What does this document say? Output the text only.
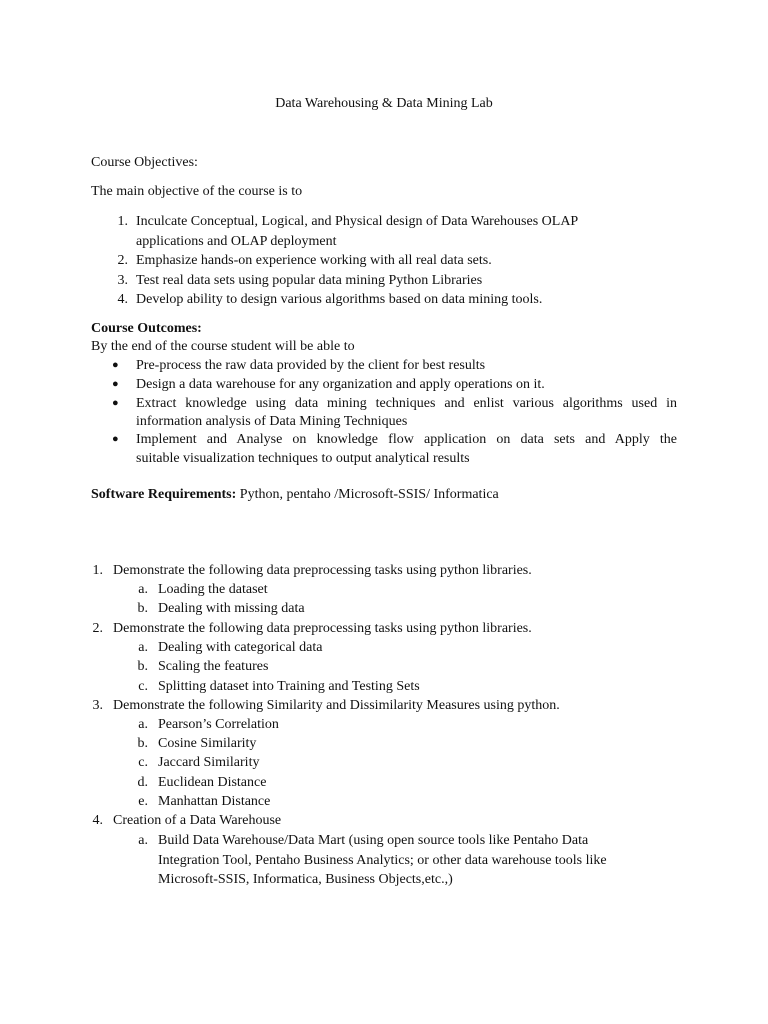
Data Warehousing & Data Mining Lab
Course Objectives:
The main objective of the course is to
1. Inculcate Conceptual, Logical, and Physical design of Data Warehouses OLAP
applications and OLAP deployment
2. Emphasize hands-on experience working with all real data sets.
3. Test real data sets using popular data mining Python Libraries
4. Develop ability to design various algorithms based on data mining tools.
Course Outcomes:
By the end of the course student will be able to
● Pre-process the raw data provided by the client for best results
● Design a data warehouse for any organization and apply operations on it.
● Extract knowledge using data mining techniques and enlist various algorithms used in
information analysis of Data Mining Techniques
● Implement and Analyse on knowledge flow application on data sets and Apply the
suitable visualization techniques to output analytical results
Software Requirements: Python, pentaho /Microsoft-SSIS/ Informatica
1. Demonstrate the following data preprocessing tasks using python libraries.
a. Loading the dataset
b. Dealing with missing data
2. Demonstrate the following data preprocessing tasks using python libraries.
a. Dealing with categorical data
b. Scaling the features
c. Splitting dataset into Training and Testing Sets
3. Demonstrate the following Similarity and Dissimilarity Measures using python.
a. Pearson’s Correlation
b. Cosine Similarity
c. Jaccard Similarity
d. Euclidean Distance
e. Manhattan Distance
4. Creation of a Data Warehouse
a. Build Data Warehouse/Data Mart (using open source tools like Pentaho Data
Integration Tool, Pentaho Business Analytics; or other data warehouse tools like
Microsoft-SSIS, Informatica, Business Objects,etc.,)
